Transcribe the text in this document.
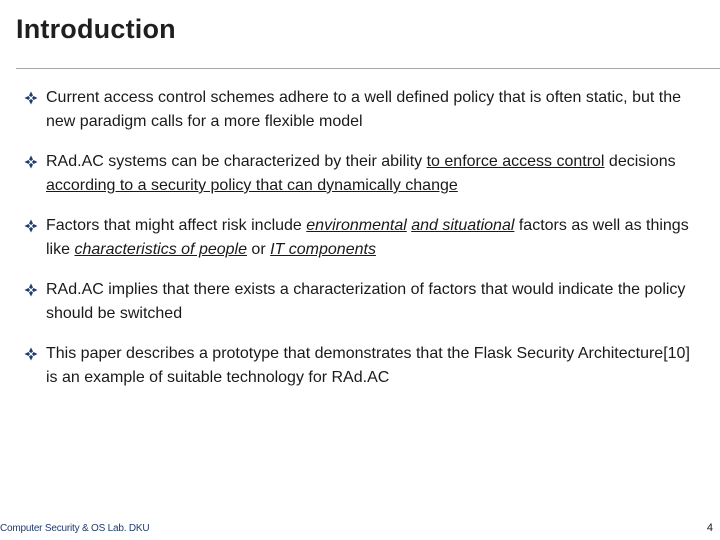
Introduction
Current access control schemes adhere to a well defined policy that is often static, but the new paradigm calls for a more flexible model
RAd.AC systems can be characterized by their ability to enforce access control decisions according to a security policy that can dynamically change
Factors that might affect risk include environmental and situational factors as well as things like characteristics of people or IT components
RAd.AC implies that there exists a characterization of factors that would indicate the policy should be switched
This paper describes a prototype that demonstrates that the Flask Security Architecture[10] is an example of suitable technology for RAd.AC
Computer Security & OS Lab. DKU	4
